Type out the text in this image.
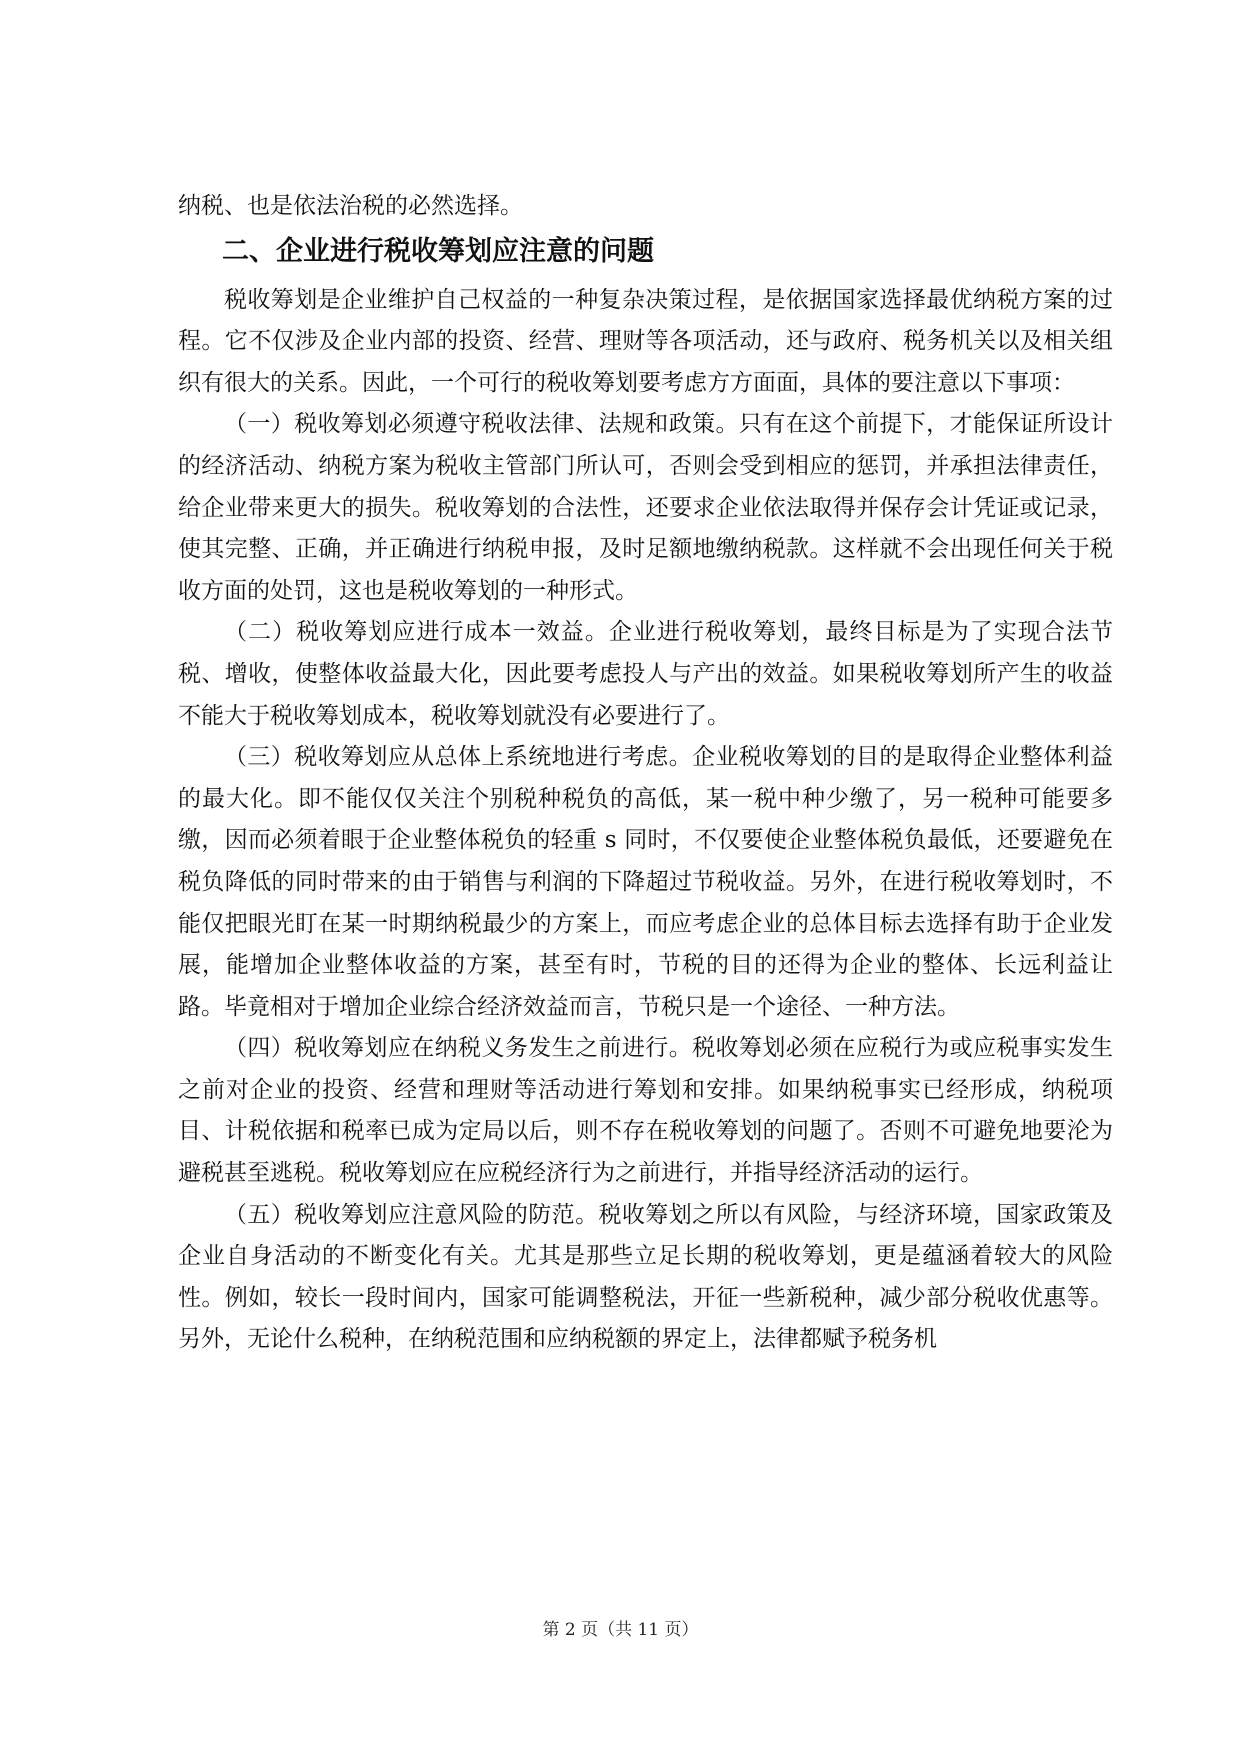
纳税、也是依法治税的必然选择。

二、企业进行税收筹划应注意的问题

税收筹划是企业维护自己权益的一种复杂决策过程，是依据国家选择最优纳税方案的过程。它不仅涉及企业内部的投资、经营、理财等各项活动，还与政府、税务机关以及相关组织有很大的关系。因此，一个可行的税收筹划要考虑方方面面，具体的要注意以下事项：

（一）税收筹划必须遵守税收法律、法规和政策。只有在这个前提下，才能保证所设计的经济活动、纳税方案为税收主管部门所认可，否则会受到相应的惩罚，并承担法律责任，给企业带来更大的损失。税收筹划的合法性，还要求企业依法取得并保存会计凭证或记录，使其完整、正确，并正确进行纳税申报，及时足额地缴纳税款。这样就不会出现任何关于税收方面的处罚，这也是税收筹划的一种形式。

（二）税收筹划应进行成本一效益。企业进行税收筹划，最终目标是为了实现合法节税、增收，使整体收益最大化，因此要考虑投人与产出的效益。如果税收筹划所产生的收益不能大于税收筹划成本，税收筹划就没有必要进行了。

（三）税收筹划应从总体上系统地进行考虑。企业税收筹划的目的是取得企业整体利益的最大化。即不能仅仅关注个别税种税负的高低，某一税中种少缴了，另一税种可能要多缴，因而必须着眼于企业整体税负的轻重 s 同时，不仅要使企业整体税负最低，还要避免在税负降低的同时带来的由于销售与利润的下降超过节税收益。另外，在进行税收筹划时，不能仅把眼光盯在某一时期纳税最少的方案上，而应考虑企业的总体目标去选择有助于企业发展，能增加企业整体收益的方案，甚至有时，节税的目的还得为企业的整体、长远利益让路。毕竟相对于增加企业综合经济效益而言，节税只是一个途径、一种方法。

（四）税收筹划应在纳税义务发生之前进行。税收筹划必须在应税行为或应税事实发生之前对企业的投资、经营和理财等活动进行筹划和安排。如果纳税事实已经形成，纳税项目、计税依据和税率已成为定局以后，则不存在税收筹划的问题了。否则不可避免地要沦为避税甚至逃税。税收筹划应在应税经济行为之前进行，并指导经济活动的运行。

（五）税收筹划应注意风险的防范。税收筹划之所以有风险，与经济环境，国家政策及企业自身活动的不断变化有关。尤其是那些立足长期的税收筹划，更是蕴涵着较大的风险性。例如，较长一段时间内，国家可能调整税法，开征一些新税种，减少部分税收优惠等。另外，无论什么税种，在纳税范围和应纳税额的界定上，法律都赋予税务机

第 2 页（共 11 页）
